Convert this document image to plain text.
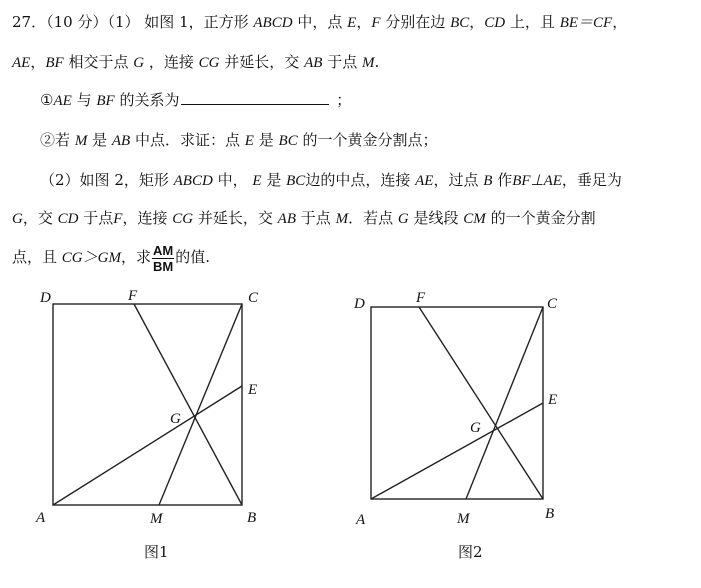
27．（10 分）（1） 如图 1，正方形 ABCD 中，点 E，F 分别在边 BC，CD 上，且 BE＝CF，
AE，BF 相交于点 G ，连接 CG 并延长，交 AB 于点 M.
①AE 与 BF 的关系为	；
②若 M 是 AB 中点．求证：点 E 是 BC 的一个黄金分割点；
（2）如图 2，矩形 ABCD 中， E 是 BC边的中点，连接 AE，过点 B 作BF⊥AE，垂足为
G，交 CD 于点F，连接 CG 并延长，交 AB 于点 M．若点 G 是线段 CM 的一个黄金分割
点，且 CG＞GM，求 $\frac{AM}{BM}$ 的值.
D	F	C
E
G
A	M	B
图1
D	F	C
E
G
A	M	B
图2
